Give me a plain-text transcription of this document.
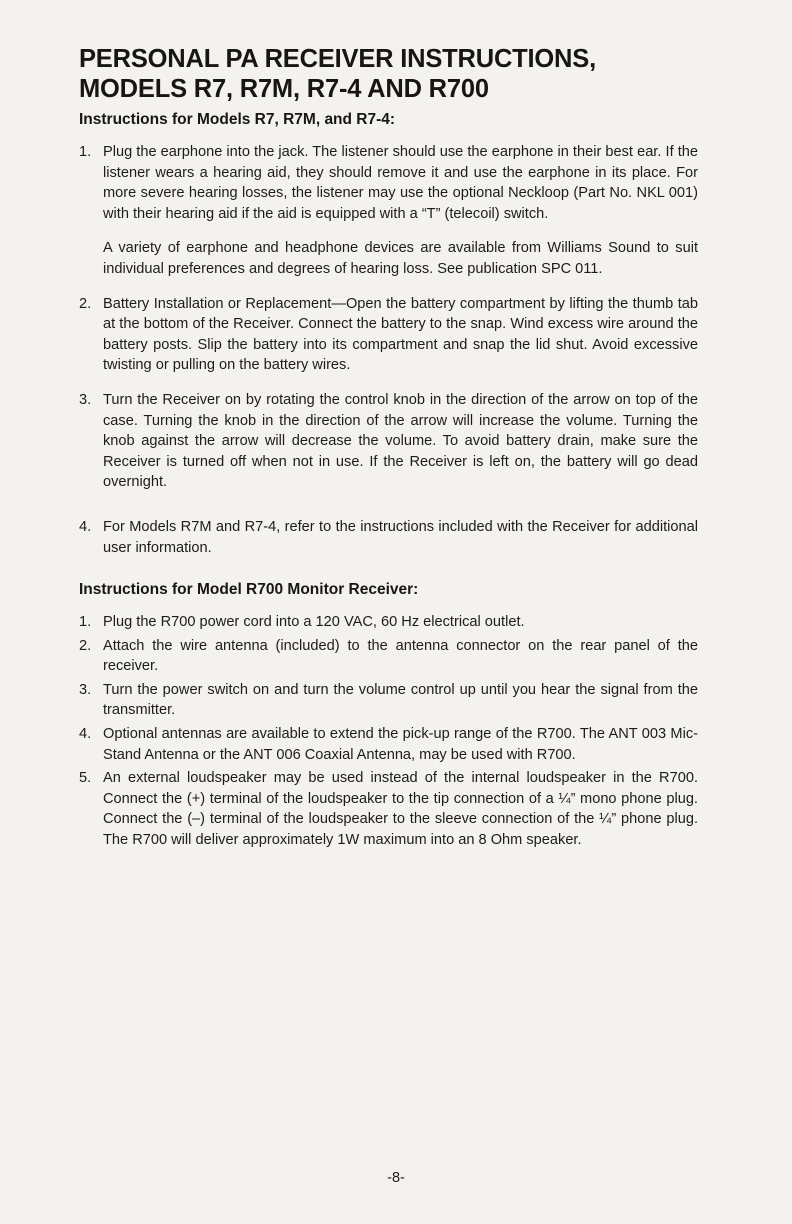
PERSONAL PA RECEIVER INSTRUCTIONS,
MODELS R7, R7M, R7-4 AND R700
Instructions for Models R7, R7M, and R7-4:
1. Plug the earphone into the jack. The listener should use the earphone in their best ear. If the listener wears a hearing aid, they should remove it and use the earphone in its place. For more severe hearing losses, the listener may use the optional Neckloop (Part No. NKL 001) with their hearing aid if the aid is equipped with a “T” (telecoil) switch.
A variety of earphone and headphone devices are available from Williams Sound to suit individual preferences and degrees of hearing loss. See publication SPC 011.
2. Battery Installation or Replacement—Open the battery compartment by lifting the thumb tab at the bottom of the Receiver. Connect the battery to the snap. Wind excess wire around the battery posts. Slip the battery into its compartment and snap the lid shut. Avoid excessive twisting or pulling on the battery wires.
3. Turn the Receiver on by rotating the control knob in the direction of the arrow on top of the case. Turning the knob in the direction of the arrow will increase the volume. Turning the knob against the arrow will decrease the volume. To avoid battery drain, make sure the Receiver is turned off when not in use. If the Receiver is left on, the battery will go dead overnight.
4. For Models R7M and R7-4, refer to the instructions included with the Receiver for additional user information.
Instructions for Model R700 Monitor Receiver:
1. Plug the R700 power cord into a 120 VAC, 60 Hz electrical outlet.
2. Attach the wire antenna (included) to the antenna connector on the rear panel of the receiver.
3. Turn the power switch on and turn the volume control up until you hear the signal from the transmitter.
4. Optional antennas are available to extend the pick-up range of the R700. The ANT 003 Mic-Stand Antenna or the ANT 006 Coaxial Antenna, may be used with R700.
5. An external loudspeaker may be used instead of the internal loudspeaker in the R700. Connect the (+) terminal of the loudspeaker to the tip connection of a ¼” mono phone plug. Connect the (–) terminal of the loudspeaker to the sleeve connection of the ¼” phone plug. The R700 will deliver approximately 1W maximum into an 8 Ohm speaker.
-8-
